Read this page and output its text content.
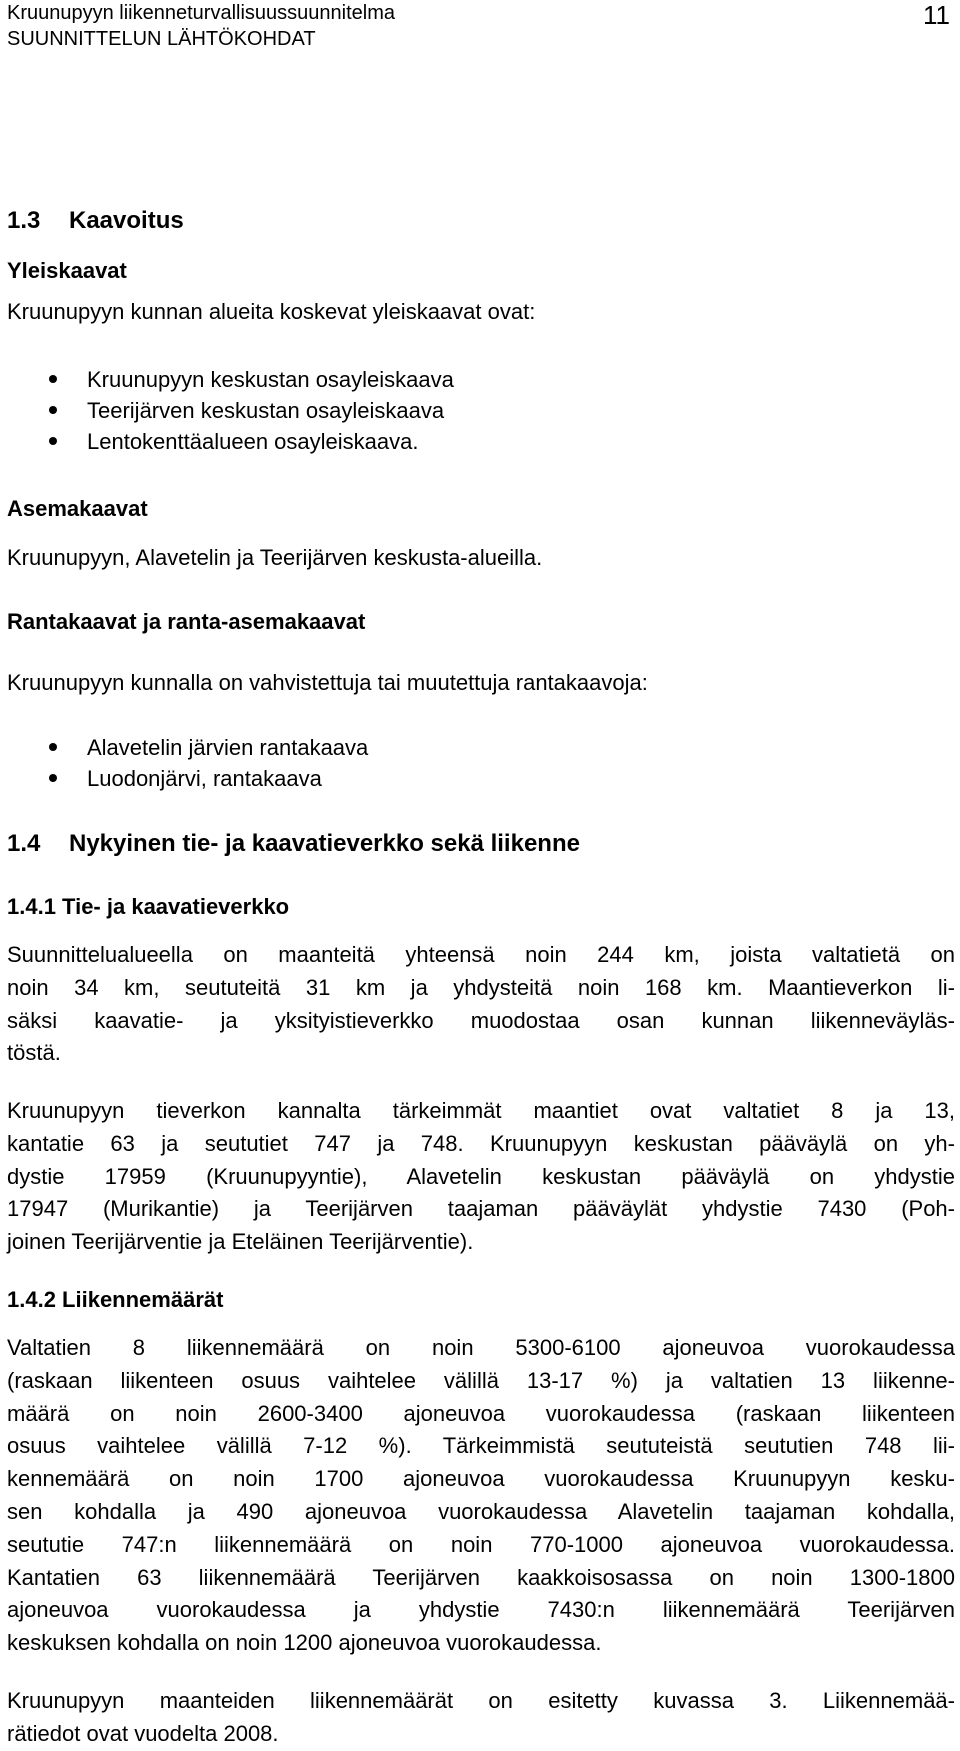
Kruunupyyn liikenneturvallisuussuunnitelma
SUUNNITTELUN LÄHTÖKOHDAT
11
1.3 Kaavoitus
Yleiskaavat
Kruunupyyn kunnan alueita koskevat yleiskaavat ovat:
Kruunupyyn keskustan osayleiskaava
Teerijärven keskustan osayleiskaava
Lentokenttäalueen osayleiskaava.
Asemakaavat
Kruunupyyn, Alavetelin ja Teerijärven keskusta-alueilla.
Rantakaavat ja ranta-asemakaavat
Kruunupyyn kunnalla on vahvistettuja tai muutettuja rantakaavoja:
Alavetelin järvien rantakaava
Luodonjärvi, rantakaava
1.4 Nykyinen tie- ja kaavatieverkko sekä liikenne
1.4.1 Tie- ja kaavatieverkko
Suunnittelualueella on maanteitä yhteensä noin 244 km, joista valtatietä on
noin 34 km, seututeitä 31 km ja yhdysteitä noin 168 km. Maantieverkon li-
säksi kaavatie- ja yksityistieverkko muodostaa osan kunnan liikenneväyläs-
töstä.
Kruunupyyn tieverkon kannalta tärkeimmät maantiet ovat valtatiet 8 ja 13,
kantatie 63 ja seututiet 747 ja 748. Kruunupyyn keskustan pääväylä on yh-
dystie 17959 (Kruunupyyntie), Alavetelin keskustan pääväylä on yhdystie
17947 (Murikantie) ja Teerijärven taajaman pääväylät yhdystie 7430 (Poh-
joinen Teerijärventie ja Eteläinen Teerijärventie).
1.4.2 Liikennemäärät
Valtatien 8 liikennemäärä on noin 5300-6100 ajoneuvoa vuorokaudessa
(raskaan liikenteen osuus vaihtelee välillä 13-17 %) ja valtatien 13 liikenne-
määrä on noin 2600-3400 ajoneuvoa vuorokaudessa (raskaan liikenteen
osuus vaihtelee välillä 7-12 %). Tärkeimmistä seututeistä seututien 748 lii-
kennemäärä on noin 1700 ajoneuvoa vuorokaudessa Kruunupyyn kesku-
sen kohdalla ja 490 ajoneuvoa vuorokaudessa Alavetelin taajaman kohdalla,
seututie 747:n liikennemäärä on noin 770-1000 ajoneuvoa vuorokaudessa.
Kantatien 63 liikennemäärä Teerijärven kaakkoisosassa on noin 1300-1800
ajoneuvoa vuorokaudessa ja yhdystie 7430:n liikennemäärä Teerijärven
keskuksen kohdalla on noin 1200 ajoneuvoa vuorokaudessa.
Kruunupyyn maanteiden liikennemäärät on esitetty kuvassa 3. Liikennemää-
rätiedot ovat vuodelta 2008.
